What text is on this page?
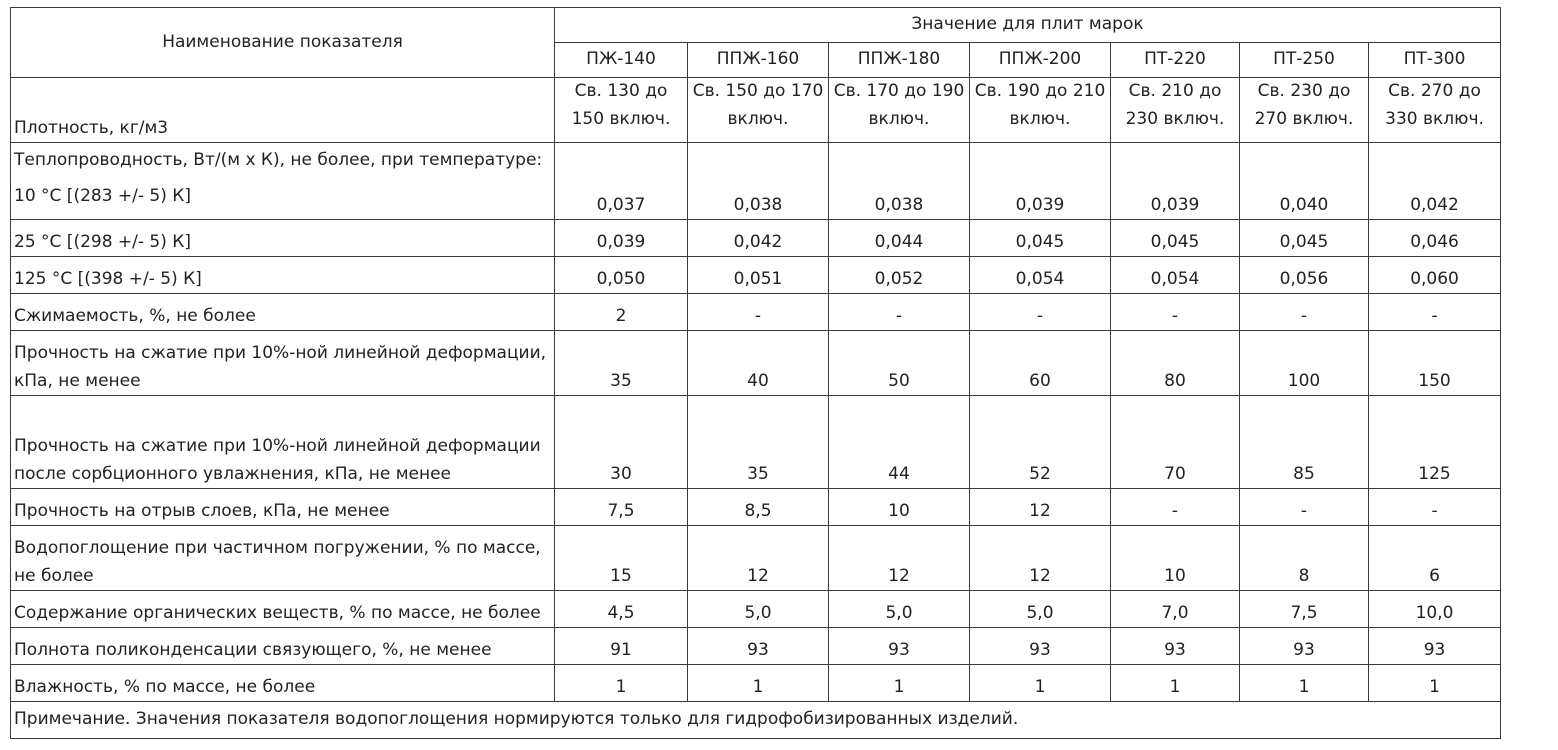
Наименование показателя	Значение для плит марок						
	ПЖ-140	ППЖ-160	ППЖ-180	ППЖ-200	ПТ-220	ПТ-250	ПТ-300
Плотность, кг/м3	Св. 130 до 150 включ.	Св. 150 до 170 включ.	Св. 170 до 190 включ.	Св. 190 до 210 включ.	Св. 210 до 230 включ.	Св. 230 до 270 включ.	Св. 270 до 330 включ.
Теплопроводность, Вт/(м x К), не более, при температуре:
10 °С [(283 +/- 5) К]	0,037	0,038	0,038	0,039	0,039	0,040	0,042
25 °С [(298 +/- 5) К]	0,039	0,042	0,044	0,045	0,045	0,045	0,046
125 °С [(398 +/- 5) К]	0,050	0,051	0,052	0,054	0,054	0,056	0,060
Сжимаемость, %, не более	2	-	-	-	-	-	-
Прочность на сжатие при 10%-ной линейной деформации, кПа, не менее	35	40	50	60	80	100	150
Прочность на сжатие при 10%-ной линейной деформации после сорбционного увлажнения, кПа, не менее	30	35	44	52	70	85	125
Прочность на отрыв слоев, кПа, не менее	7,5	8,5	10	12	-	-	-
Водопоглощение при частичном погружении, % по массе, не более	15	12	12	12	10	8	6
Содержание органических веществ, % по массе, не более	4,5	5,0	5,0	5,0	7,0	7,5	10,0
Полнота поликонденсации связующего, %, не менее	91	93	93	93	93	93	93
Влажность, % по массе, не более	1	1	1	1	1	1	1
Примечание. Значения показателя водопоглощения нормируются только для гидрофобизированных изделий.							
